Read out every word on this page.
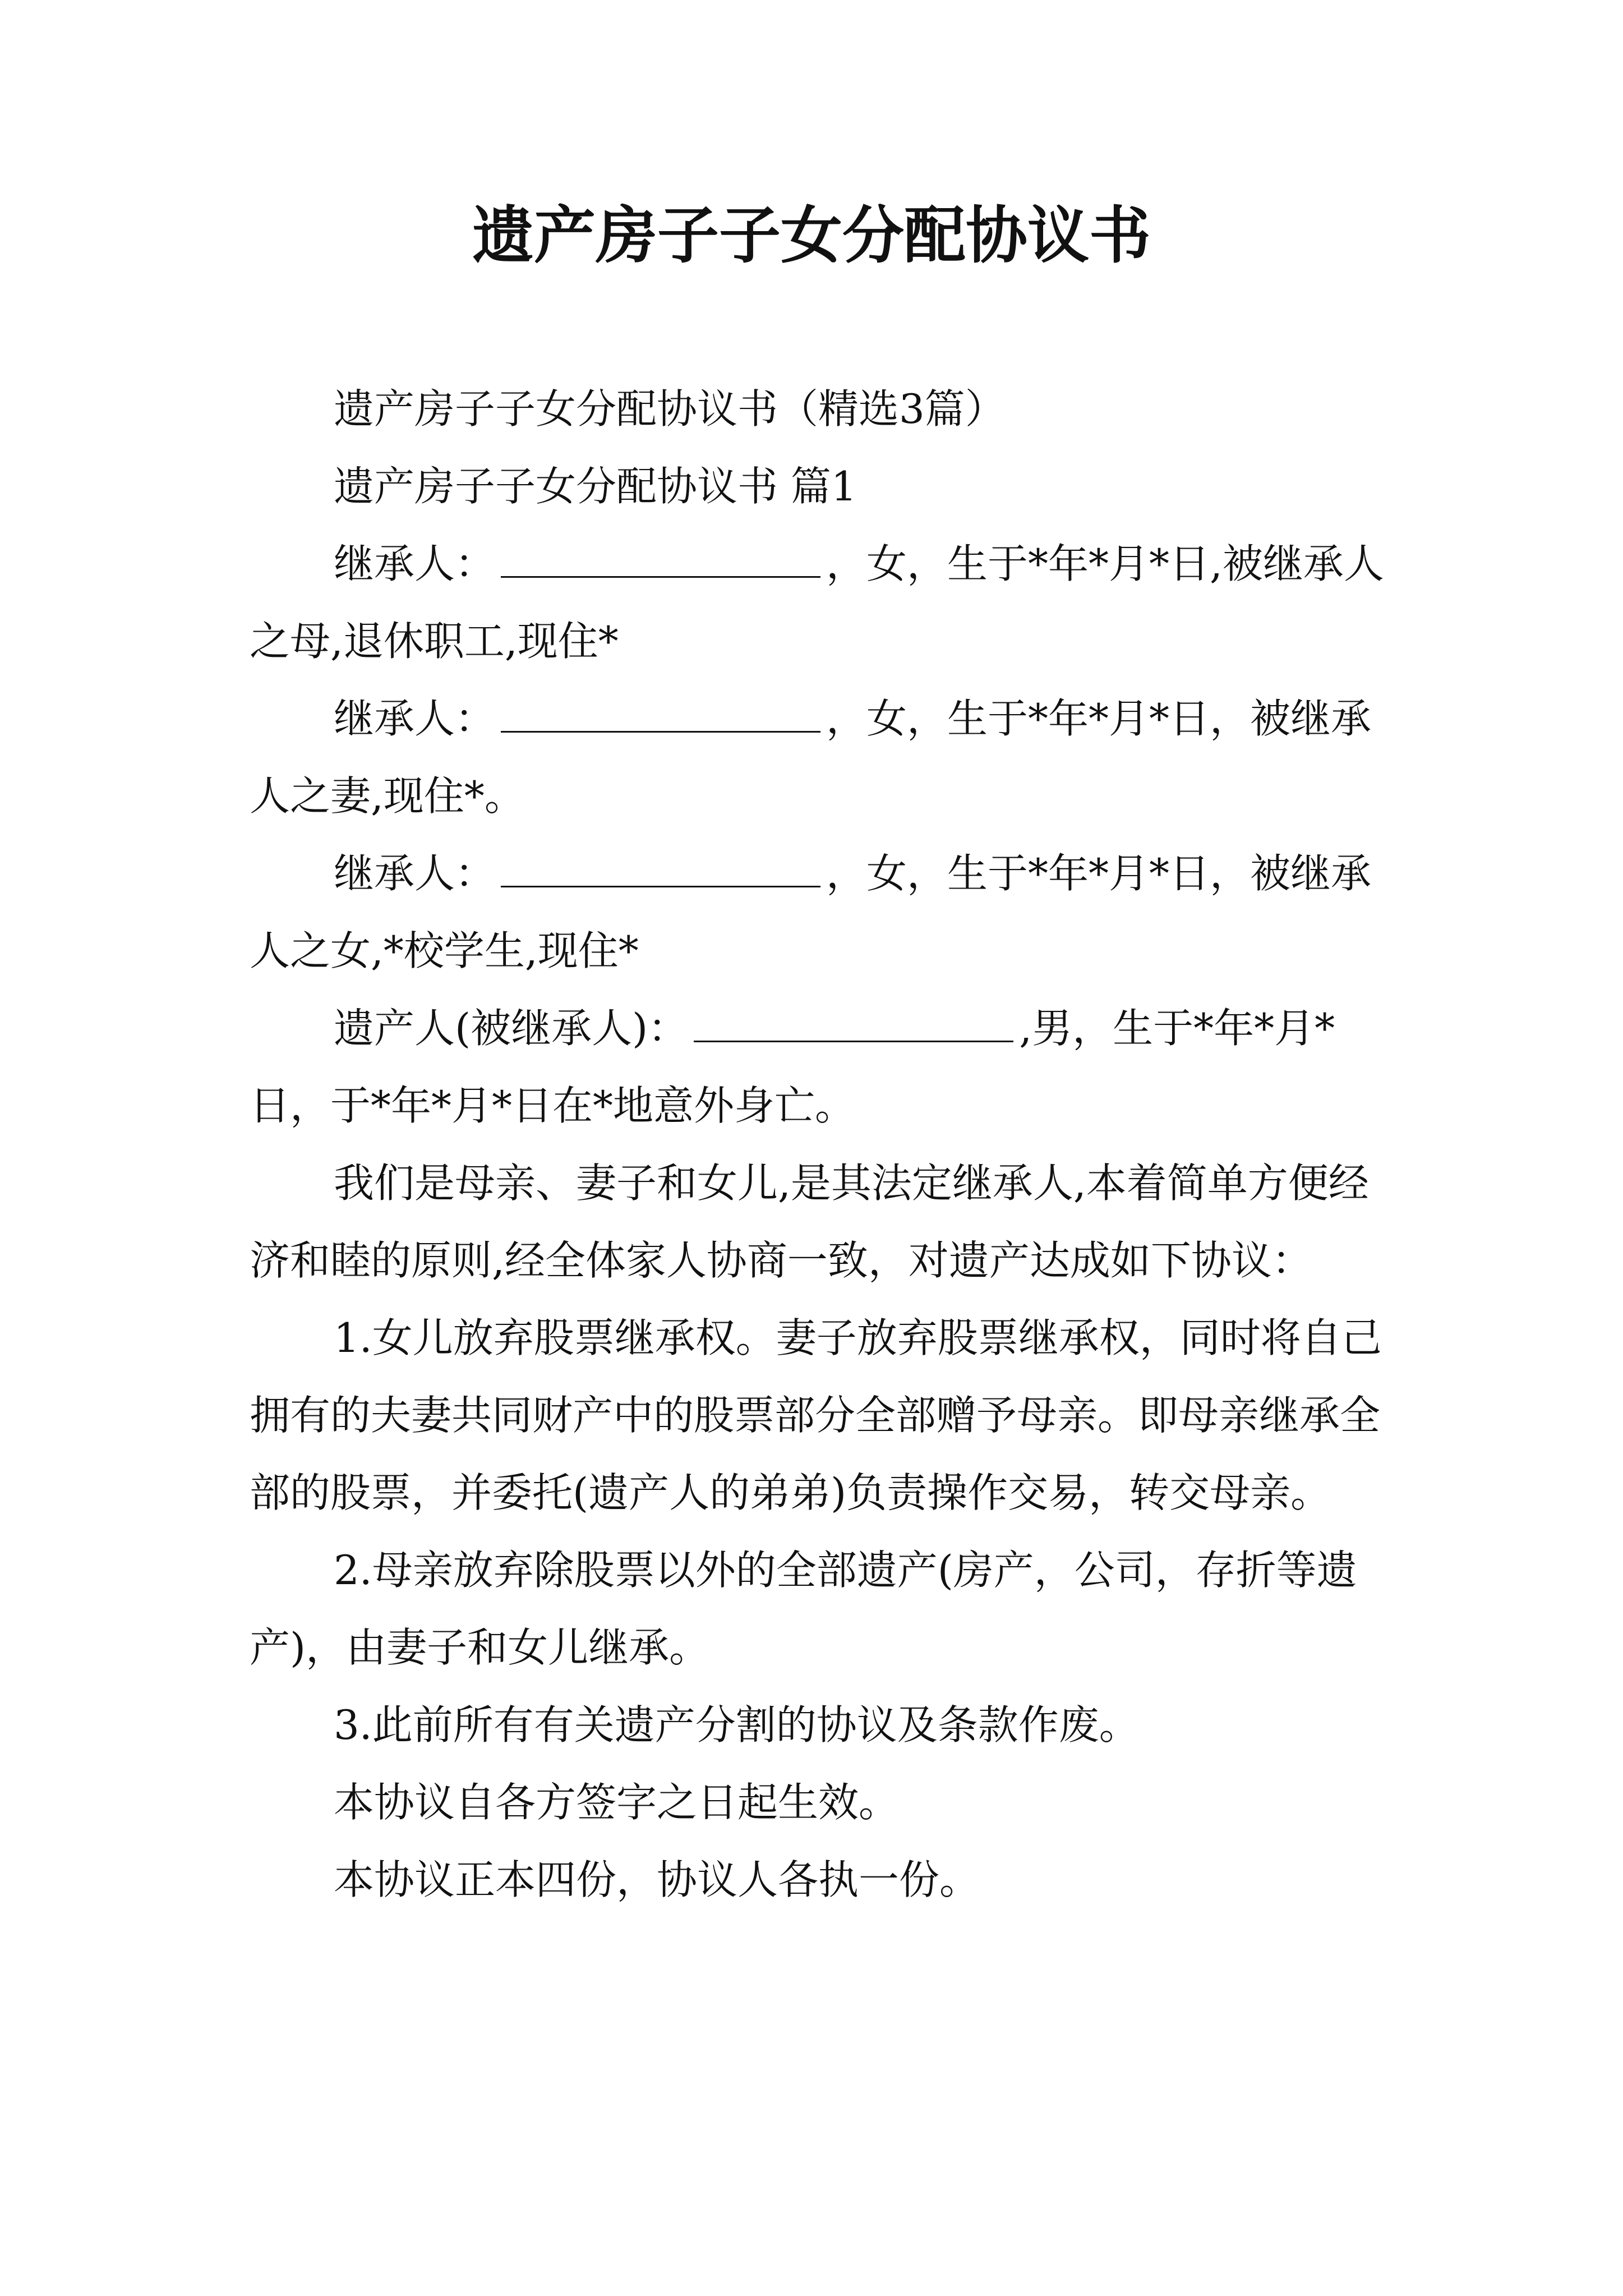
遗产房子子女分配协议书

遗产房子子女分配协议书（精选3篇）

遗产房子子女分配协议书 篇1

继承人：	，女，生于*年*月*日,被继承人之母,退休职工,现住*

继承人：	，女，生于*年*月*日，被继承人之妻,现住*。

继承人：	，女，生于*年*月*日，被继承人之女,*校学生,现住*

遗产人(被继承人)：	,男，生于*年*月*日，于*年*月*日在*地意外身亡。

我们是母亲、妻子和女儿,是其法定继承人,本着简单方便经济和睦的原则,经全体家人协商一致，对遗产达成如下协议：

1.女儿放弃股票继承权。妻子放弃股票继承权，同时将自己拥有的夫妻共同财产中的股票部分全部赠予母亲。即母亲继承全部的股票，并委托(遗产人的弟弟)负责操作交易，转交母亲。

2.母亲放弃除股票以外的全部遗产(房产，公司，存折等遗产)，由妻子和女儿继承。

3.此前所有有关遗产分割的协议及条款作废。

本协议自各方签字之日起生效。

本协议正本四份，协议人各执一份。
